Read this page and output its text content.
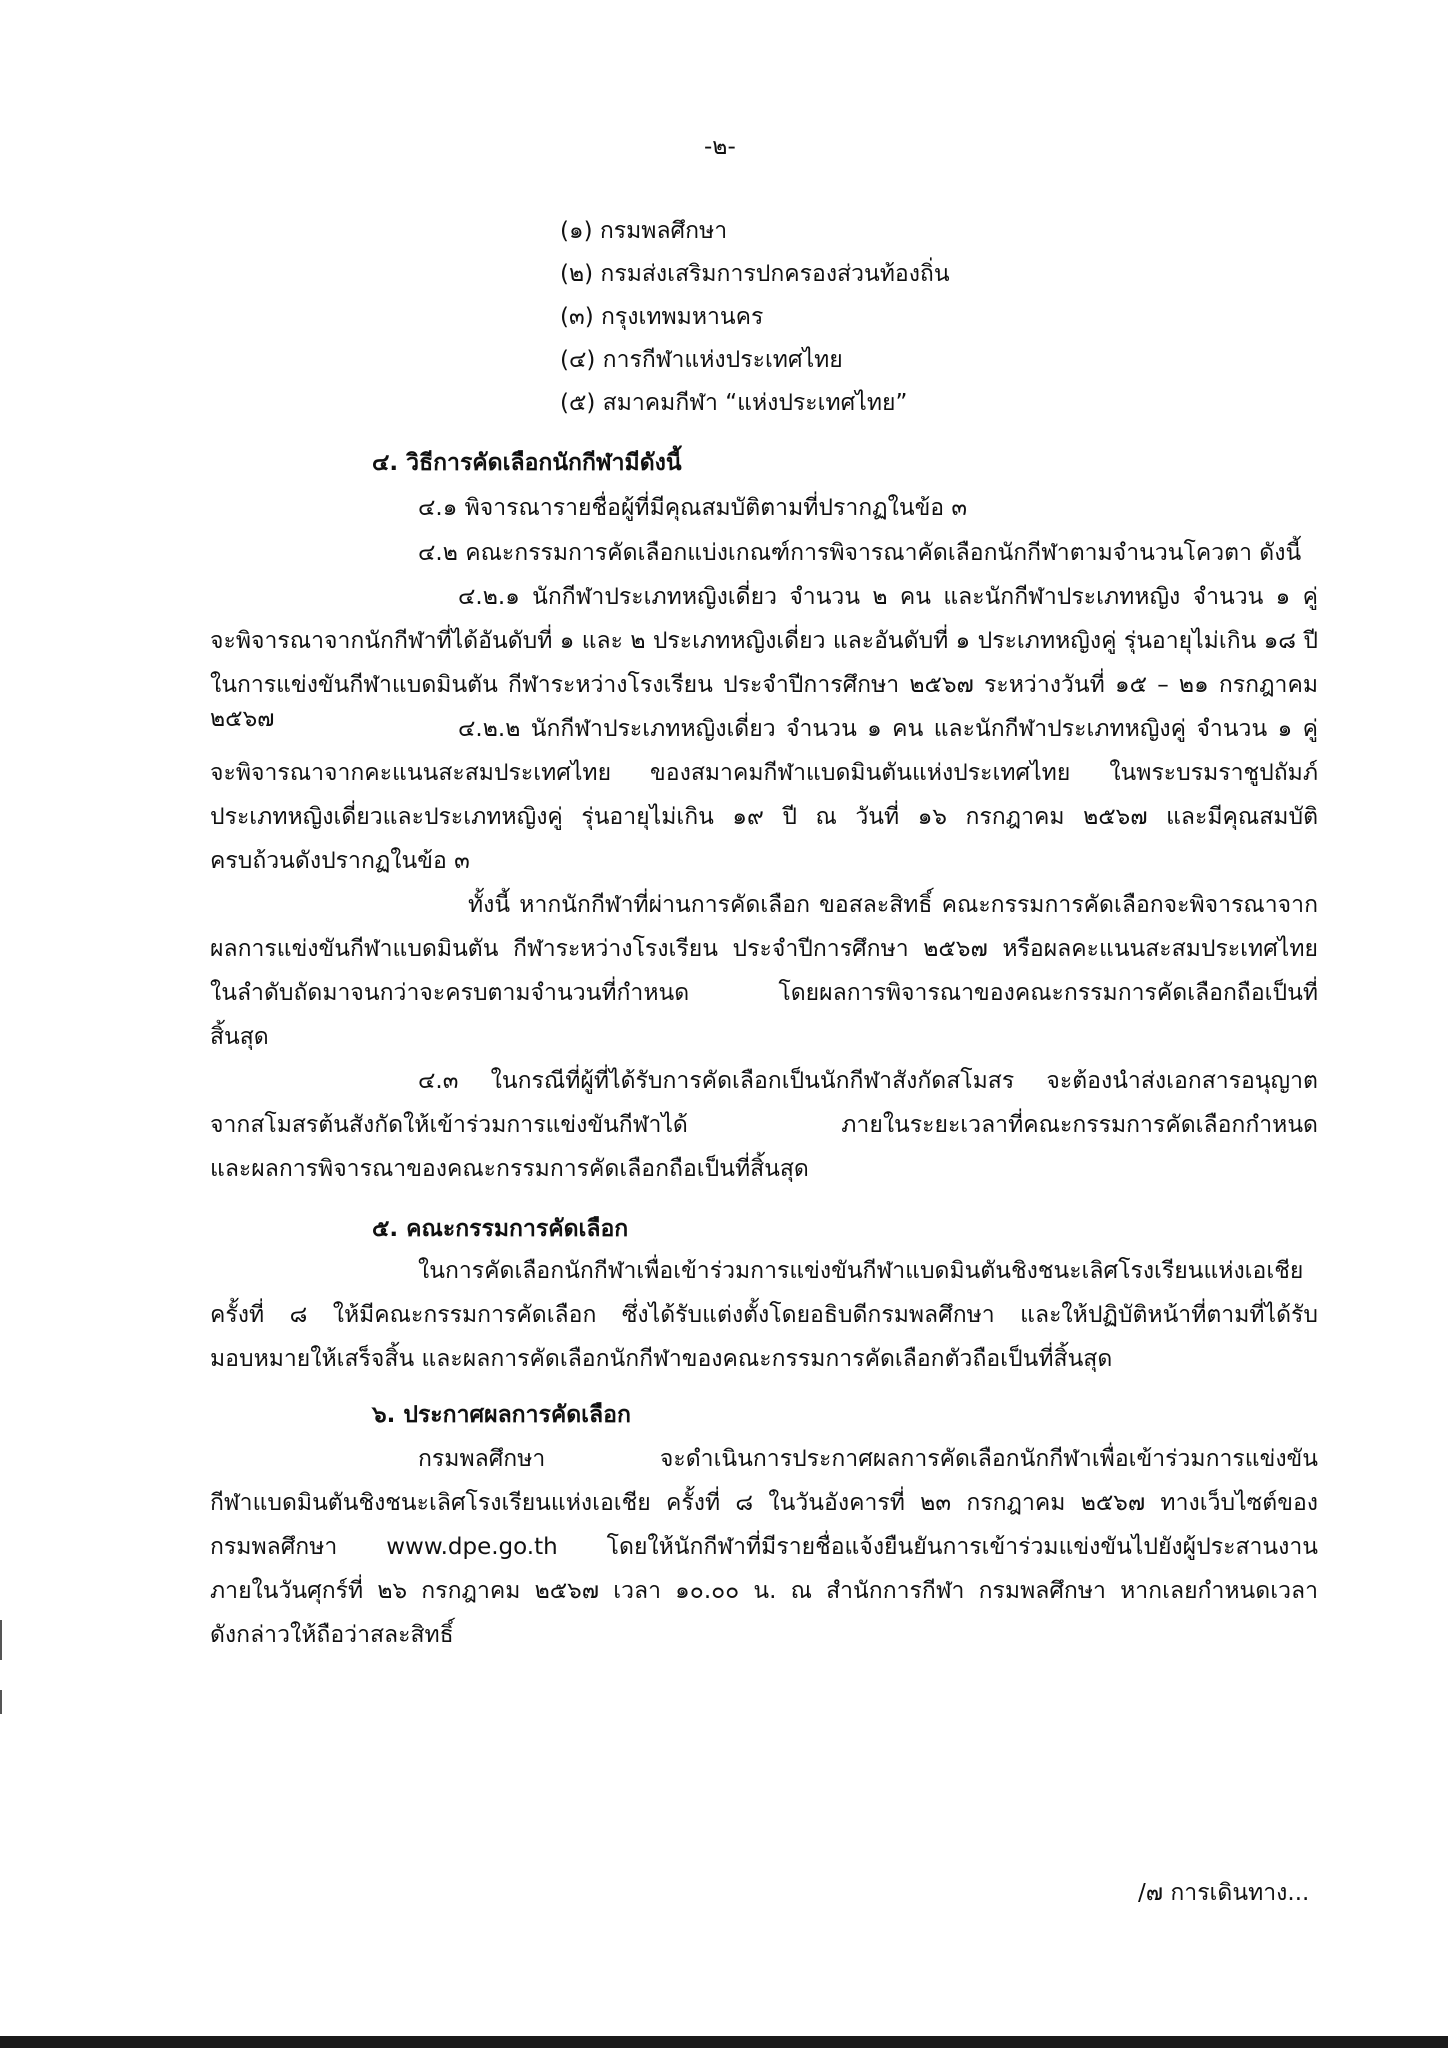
-๒-
(๑) กรมพลศึกษา
(๒) กรมส่งเสริมการปกครองส่วนท้องถิ่น
(๓) กรุงเทพมหานคร
(๔) การกีฬาแห่งประเทศไทย
(๕) สมาคมกีฬา “แห่งประเทศไทย”
๔. วิธีการคัดเลือกนักกีฬามีดังนี้
๔.๑ พิจารณารายชื่อผู้ที่มีคุณสมบัติตามที่ปรากฏในข้อ ๓
๔.๒ คณะกรรมการคัดเลือกแบ่งเกณฑ์การพิจารณาคัดเลือกนักกีฬาตามจำนวนโควตา ดังนี้
๔.๒.๑ นักกีฬาประเภทหญิงเดี่ยว จำนวน ๒ คน และนักกีฬาประเภทหญิง จำนวน ๑ คู่
จะพิจารณาจากนักกีฬาที่ได้อันดับที่ ๑ และ ๒ ประเภทหญิงเดี่ยว และอันดับที่ ๑ ประเภทหญิงคู่ รุ่นอายุไม่เกิน ๑๘ ปี
ในการแข่งขันกีฬาแบดมินตัน กีฬาระหว่างโรงเรียน ประจำปีการศึกษา ๒๕๖๗ ระหว่างวันที่ ๑๕ – ๒๑ กรกฎาคม ๒๕๖๗	๔.๒.๒ นักกีฬาประเภทหญิงเดี่ยว จำนวน ๑ คน และนักกีฬาประเภทหญิงคู่ จำนวน ๑ คู่
จะพิจารณาจากคะแนนสะสมประเทศไทย ของสมาคมกีฬาแบดมินตันแห่งประเทศไทย ในพระบรมราชูปถัมภ์
ประเภทหญิงเดี่ยวและประเภทหญิงคู่ รุ่นอายุไม่เกิน ๑๙ ปี ณ วันที่ ๑๖ กรกฎาคม ๒๕๖๗ และมีคุณสมบัติ
ครบถ้วนดังปรากฏในข้อ ๓
ทั้งนี้ หากนักกีฬาที่ผ่านการคัดเลือก ขอสละสิทธิ์ คณะกรรมการคัดเลือกจะพิจารณาจาก
ผลการแข่งขันกีฬาแบดมินตัน กีฬาระหว่างโรงเรียน ประจำปีการศึกษา ๒๕๖๗ หรือผลคะแนนสะสมประเทศไทย
ในลำดับถัดมาจนกว่าจะครบตามจำนวนที่กำหนด โดยผลการพิจารณาของคณะกรรมการคัดเลือกถือเป็นที่
สิ้นสุด
๔.๓ ในกรณีที่ผู้ที่ได้รับการคัดเลือกเป็นนักกีฬาสังกัดสโมสร จะต้องนำส่งเอกสารอนุญาต
จากสโมสรต้นสังกัดให้เข้าร่วมการแข่งขันกีฬาได้ ภายในระยะเวลาที่คณะกรรมการคัดเลือกกำหนด
และผลการพิจารณาของคณะกรรมการคัดเลือกถือเป็นที่สิ้นสุด
๕. คณะกรรมการคัดเลือก
ในการคัดเลือกนักกีฬาเพื่อเข้าร่วมการแข่งขันกีฬาแบดมินตันชิงชนะเลิศโรงเรียนแห่งเอเชีย
ครั้งที่ ๘ ให้มีคณะกรรมการคัดเลือก ซึ่งได้รับแต่งตั้งโดยอธิบดีกรมพลศึกษา และให้ปฏิบัติหน้าที่ตามที่ได้รับ
มอบหมายให้เสร็จสิ้น และผลการคัดเลือกนักกีฬาของคณะกรรมการคัดเลือกตัวถือเป็นที่สิ้นสุด
๖. ประกาศผลการคัดเลือก
กรมพลศึกษา จะดำเนินการประกาศผลการคัดเลือกนักกีฬาเพื่อเข้าร่วมการแข่งขัน
กีฬาแบดมินตันชิงชนะเลิศโรงเรียนแห่งเอเชีย ครั้งที่ ๘ ในวันอังคารที่ ๒๓ กรกฎาคม ๒๕๖๗ ทางเว็บไซต์ของ
กรมพลศึกษา www.dpe.go.th โดยให้นักกีฬาที่มีรายชื่อแจ้งยืนยันการเข้าร่วมแข่งขันไปยังผู้ประสานงาน
ภายในวันศุกร์ที่ ๒๖ กรกฎาคม ๒๕๖๗ เวลา ๑๐.๐๐ น. ณ สำนักการกีฬา กรมพลศึกษา หากเลยกำหนดเวลา
ดังกล่าวให้ถือว่าสละสิทธิ์
/๗ การเดินทาง...
